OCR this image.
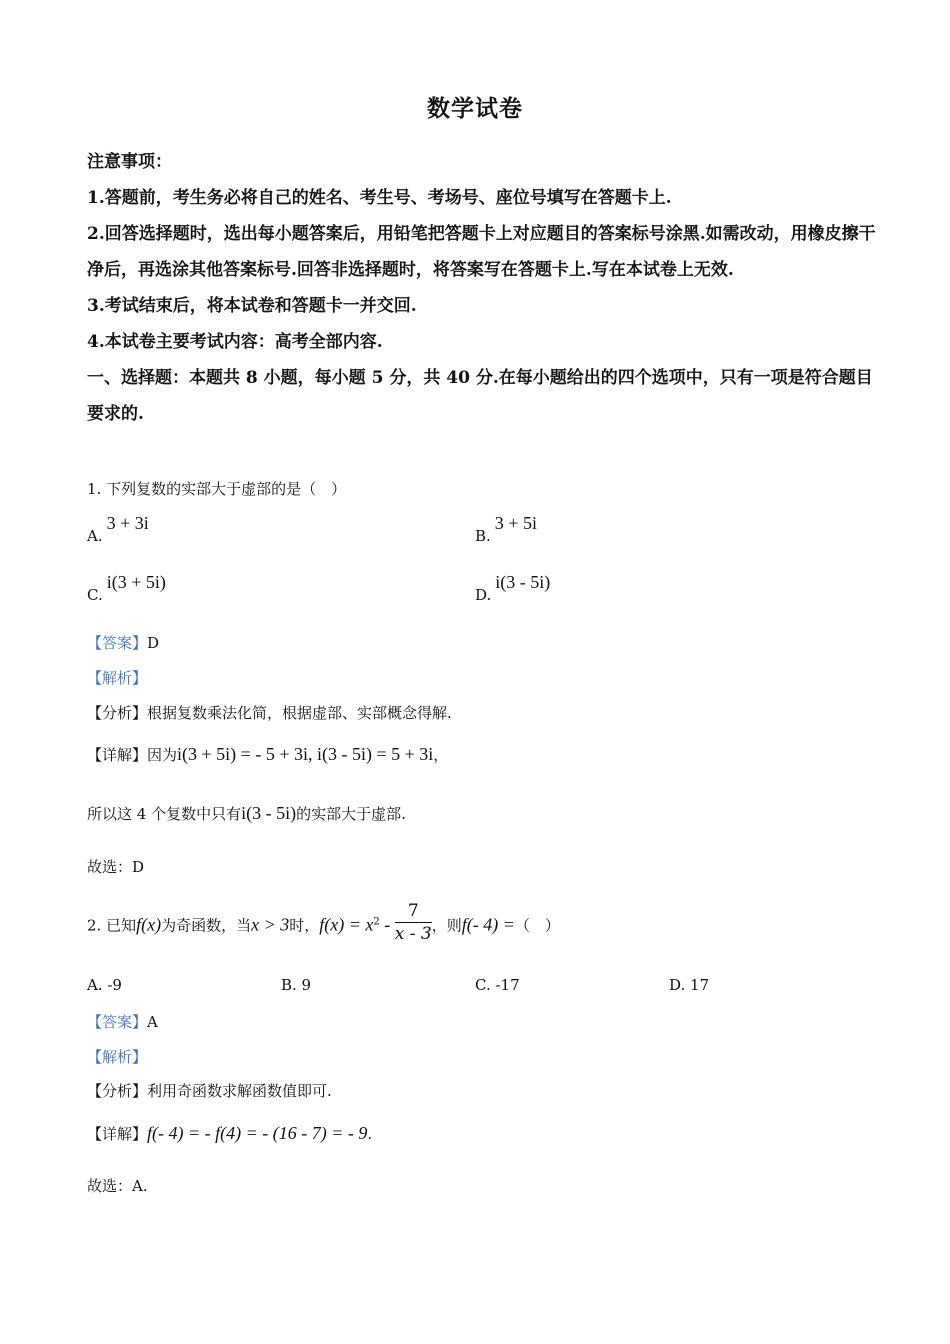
数学试卷

注意事项：

1.答题前，考生务必将自己的姓名、考生号、考场号、座位号填写在答题卡上.

2.回答选择题时，选出每小题答案后，用铅笔把答题卡上对应题目的答案标号涂黑.如需改动，用橡皮擦干净后，再选涂其他答案标号.回答非选择题时，将答案写在答题卡上.写在本试卷上无效.

3.考试结束后，将本试卷和答题卡一并交回.

4.本试卷主要考试内容：高考全部内容.

一、选择题：本题共 8 小题，每小题 5 分，共 40 分.在每小题给出的四个选项中，只有一项是符合题目要求的.

1. 下列复数的实部大于虚部的是（　）
A.3 + 3i
B.3 + 5i
C.i(3 + 5i)
D.i(3 - 5i)
【答案】D
【解析】
【分析】根据复数乘法化简，根据虚部、实部概念得解.
【详解】因为i(3 + 5i) = - 5 + 3i, i(3 - 5i) = 5 + 3i，
所以这 4 个复数中只有i(3 - 5i)的实部大于虚部.
故选：D
2. 已知f(x)为奇函数，当x > 3时，$f(x) = x^2 - \frac{7}{x - 3}$ ，则f(- 4) =（　）
A. -9	B. 9	C. -17	D. 17
【答案】A
【解析】
【分析】利用奇函数求解函数值即可.
【详解】f(- 4) = - f(4) = - (16 - 7) = - 9.
故选：A.
